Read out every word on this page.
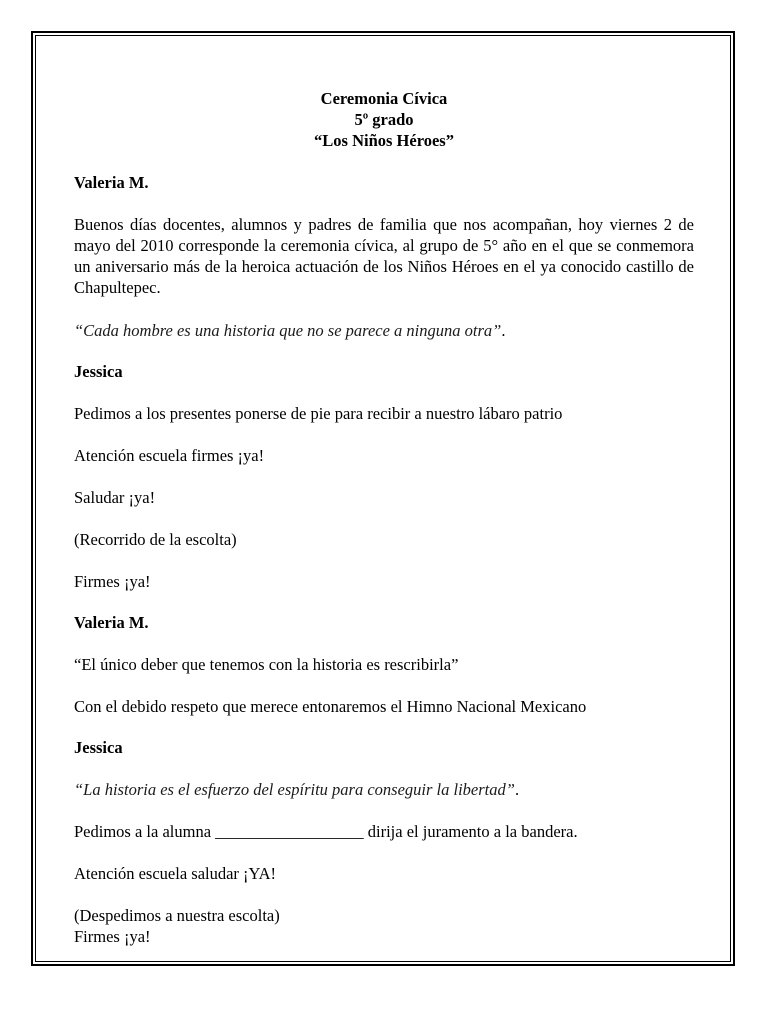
Ceremonia Cívica
5º grado
“Los Niños Héroes”

Valeria M.

Buenos días docentes, alumnos y padres de familia que nos acompañan, hoy viernes 2 de mayo del 2010 corresponde la ceremonia cívica, al grupo de 5° año en el que se conmemora un aniversario más de la heroica actuación de los Niños Héroes en el ya conocido castillo de Chapultepec.

“Cada hombre es una historia que no se parece a ninguna otra”.

Jessica

Pedimos a los presentes ponerse de pie para recibir a nuestro lábaro patrio

Atención escuela firmes ¡ya!

Saludar ¡ya!

(Recorrido de la escolta)

Firmes ¡ya!

Valeria M.

“El único deber que tenemos con la historia es rescribirla”

Con el debido respeto que merece entonaremos el Himno Nacional Mexicano

Jessica

“La historia es el esfuerzo del espíritu para conseguir la libertad”.

Pedimos a la alumna __________________ dirija el juramento a la bandera.

Atención escuela saludar ¡YA!

(Despedimos a nuestra escolta)

Firmes ¡ya!
